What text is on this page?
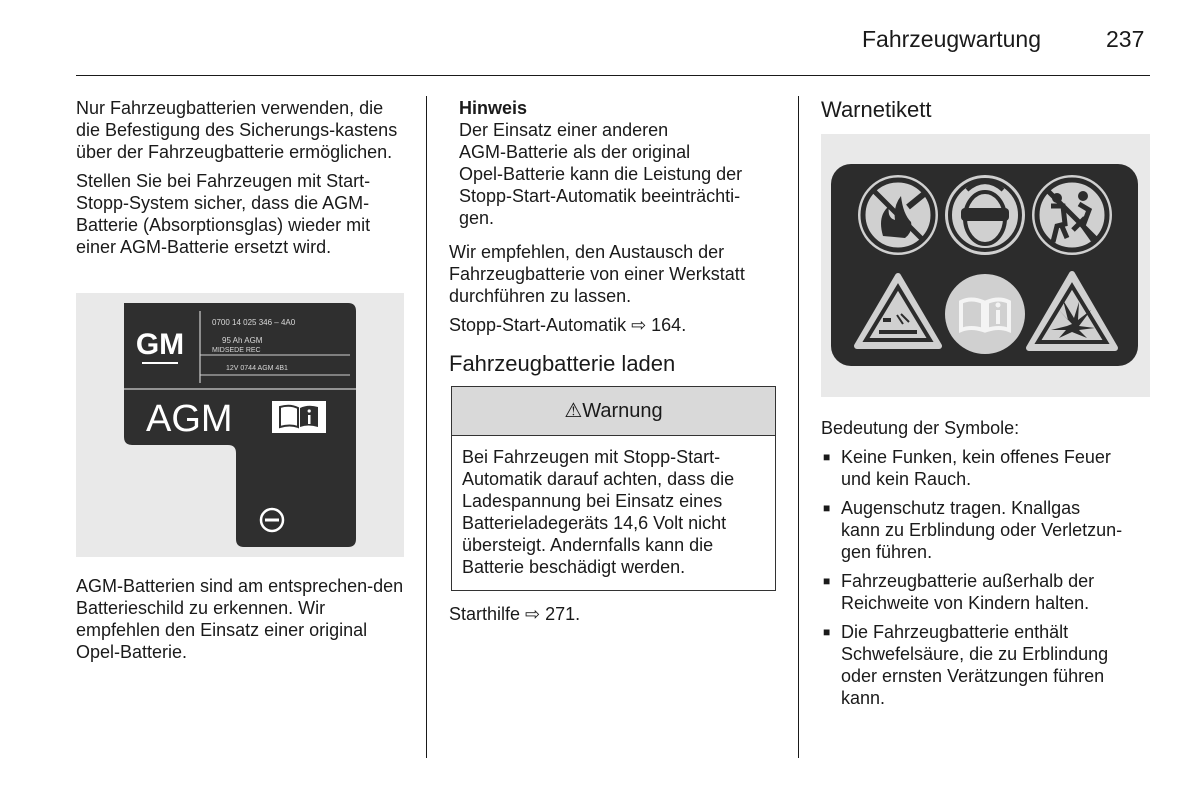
Fahrzeugwartung	237

Nur Fahrzeugbatterien verwenden, die die Befestigung des Sicherungs-kastens über der Fahrzeugbatterie ermöglichen.

Stellen Sie bei Fahrzeugen mit Start-Stopp-System sicher, dass die AGM-Batterie (Absorptionsglas) wieder mit einer AGM-Batterie ersetzt wird.

GM
0700 14 025 346 – 4A0
95 Ah AGM
MIDSEDE REC
12V 0744 AGM 4B1
AGM

AGM-Batterien sind am entsprechen-den Batterieschild zu erkennen. Wir empfehlen den Einsatz einer original Opel-Batterie.

Hinweis
Der Einsatz einer anderen
AGM-Batterie als der original
Opel-Batterie kann die Leistung der
Stopp-Start-Automatik beeinträchti-
gen.
Wir empfehlen, den Austausch der
Fahrzeugbatterie von einer Werkstatt
durchführen zu lassen.
Stopp-Start-Automatik ⇨ 164.
Fahrzeugbatterie laden
⚠Warnung
Bei Fahrzeugen mit Stopp-Start-
Automatik darauf achten, dass die
Ladespannung bei Einsatz eines
Batterieladegeräts 14,6 Volt nicht
übersteigt. Andernfalls kann die
Batterie beschädigt werden.
Starthilfe ⇨ 271.
Warnetikett
Bedeutung der Symbole:
■ Keine Funken, kein offenes Feuer
und kein Rauch.
■ Augenschutz tragen. Knallgas
kann zu Erblindung oder Verletzun-
gen führen.
■ Fahrzeugbatterie außerhalb der
Reichweite von Kindern halten.
■ Die Fahrzeugbatterie enthält
Schwefelsäure, die zu Erblindung
oder ernsten Verätzungen führen
kann.
